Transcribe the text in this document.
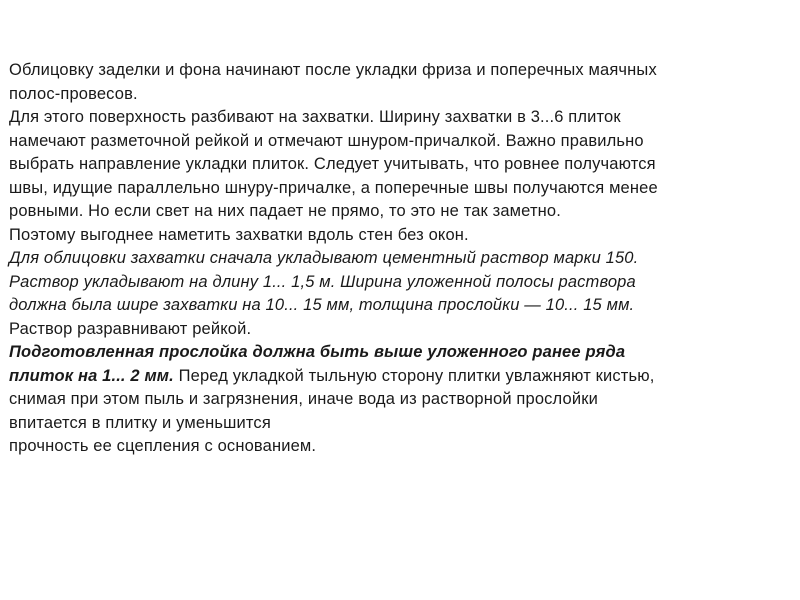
Облицовку заделки и фона начинают после укладки фриза и поперечных маячных
полос-провесов.
Для этого поверхность разбивают на захватки. Ширину захватки в 3...6 плиток
намечают разметочной рейкой и отмечают шнуром-причалкой. Важно правильно
выбрать направление укладки плиток. Следует учитывать, что ровнее получаются
швы, идущие параллельно шнуру-причалке, а поперечные швы получаются менее
ровными. Но если свет на них падает не прямо, то это не так заметно.
Поэтому выгоднее наметить захватки вдоль стен без окон.
Для облицовки захватки сначала укладывают цементный раствор марки 150.
Раствор укладывают на длину 1... 1,5 м. Ширина уложенной полосы раствора
должна была шире захватки на 10... 15 мм, толщина прослойки — 10... 15 мм.
Раствор разравнивают рейкой.
Подготовленная прослойка должна быть выше уложенного ранее ряда
плиток на 1... 2 мм. Перед укладкой тыльную сторону плитки увлажняют кистью,
снимая при этом пыль и загрязнения, иначе вода из растворной прослойки
впитается в плитку и уменьшится
прочность ее сцепления с основанием.
